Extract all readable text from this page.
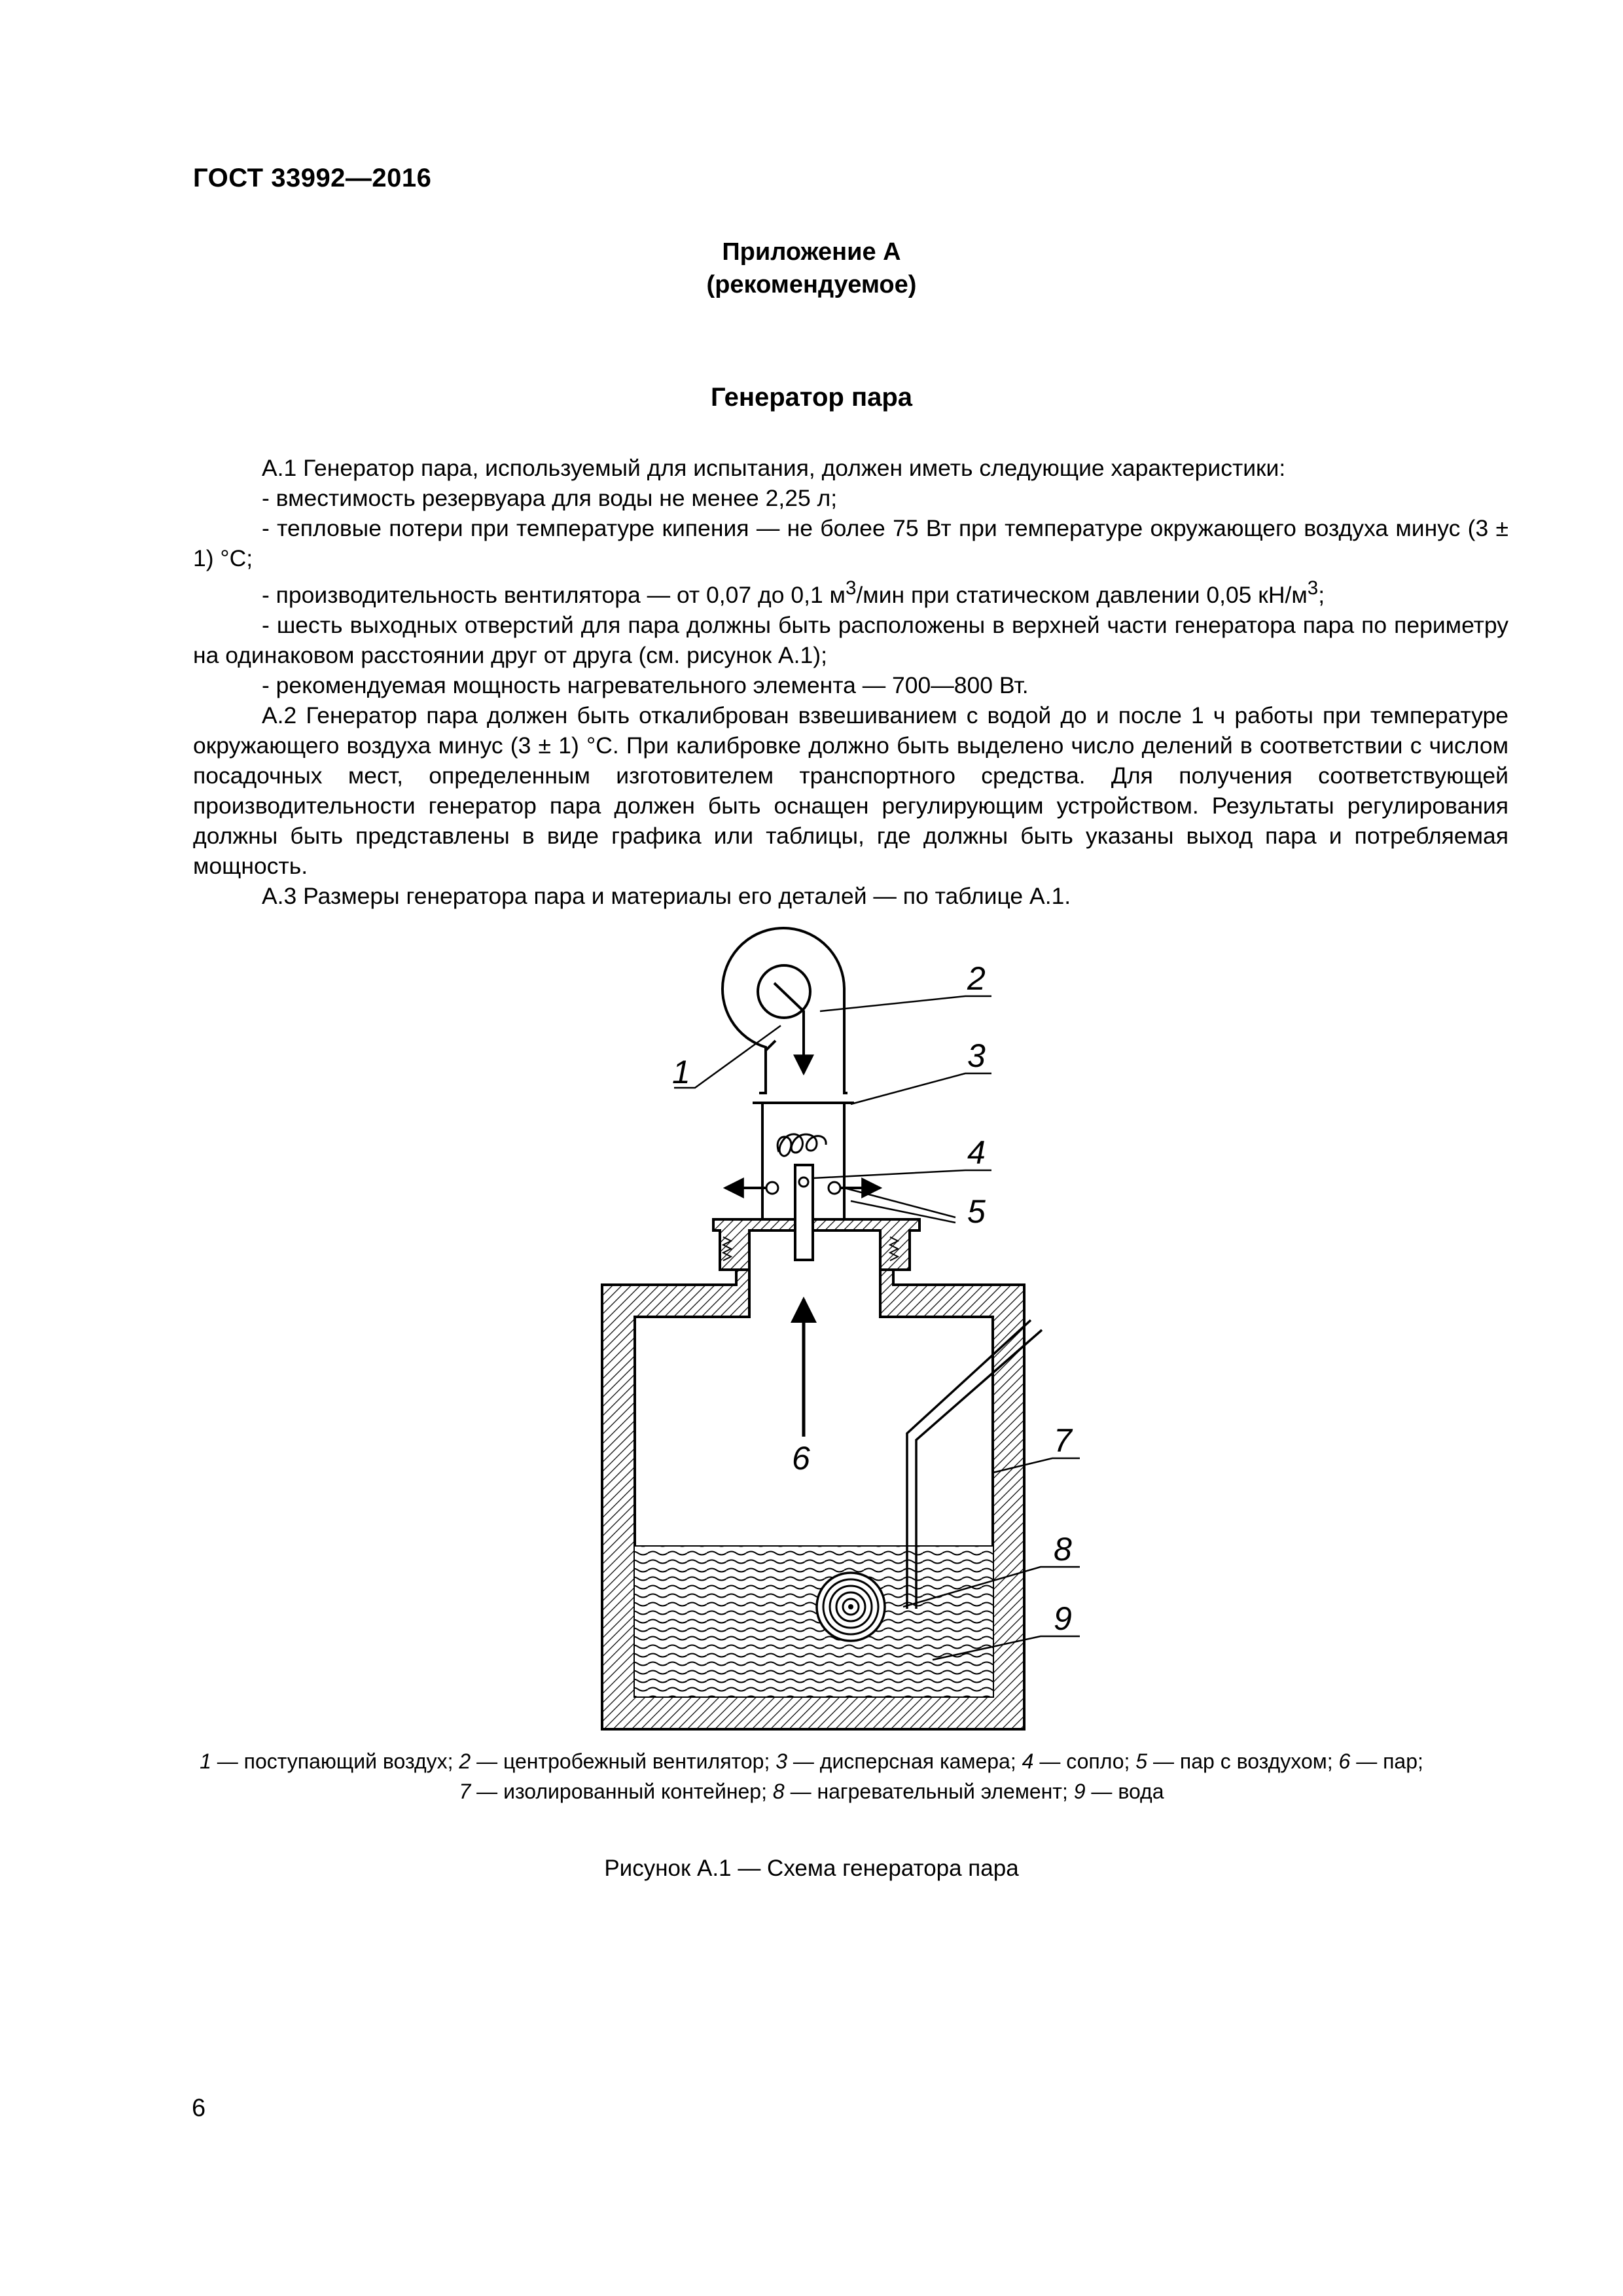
ГОСТ 33992—2016
Приложение А
(рекомендуемое)
Генератор пара

А.1 Генератор пара, используемый для испытания, должен иметь следующие характеристики:

- вместимость резервуара для воды не менее 2,25 л;

- тепловые потери при температуре кипения — не более 75 Вт при температуре окружающего воздуха минус (3 ± 1) °С;

- производительность вентилятора — от 0,07 до 0,1 $м^3$/мин при статическом давлении 0,05 $кН/м^3$;

- шесть выходных отверстий для пара должны быть расположены в верхней части генератора пара по периметру на одинаковом расстоянии друг от друга (см. рисунок А.1);

- рекомендуемая мощность нагревательного элемента — 700—800 Вт.

А.2 Генератор пара должен быть откалиброван взвешиванием с водой до и после 1 ч работы при температуре окружающего воздуха минус (3 ± 1) °С. При калибровке должно быть выделено число делений в соответствии с числом посадочных мест, определенным изготовителем транспортного средства. Для получения соответствующей производительности генератор пара должен быть оснащен регулирующим устройством. Результаты регулирования должны быть представлены в виде графика или таблицы, где должны быть указаны выход пара и потребляемая мощность.

А.3 Размеры генератора пара и материалы его деталей — по таблице А.1.

1
2
3
4
5
6	7
8
9
1 — поступающий воздух; 2 — центробежный вентилятор; 3 — дисперсная камера; 4 — сопло; 5 — пар с воздухом; 6 — пар;
7 — изолированный контейнер; 8 — нагревательный элемент; 9 — вода
Рисунок А.1 — Схема генератора пара
6
